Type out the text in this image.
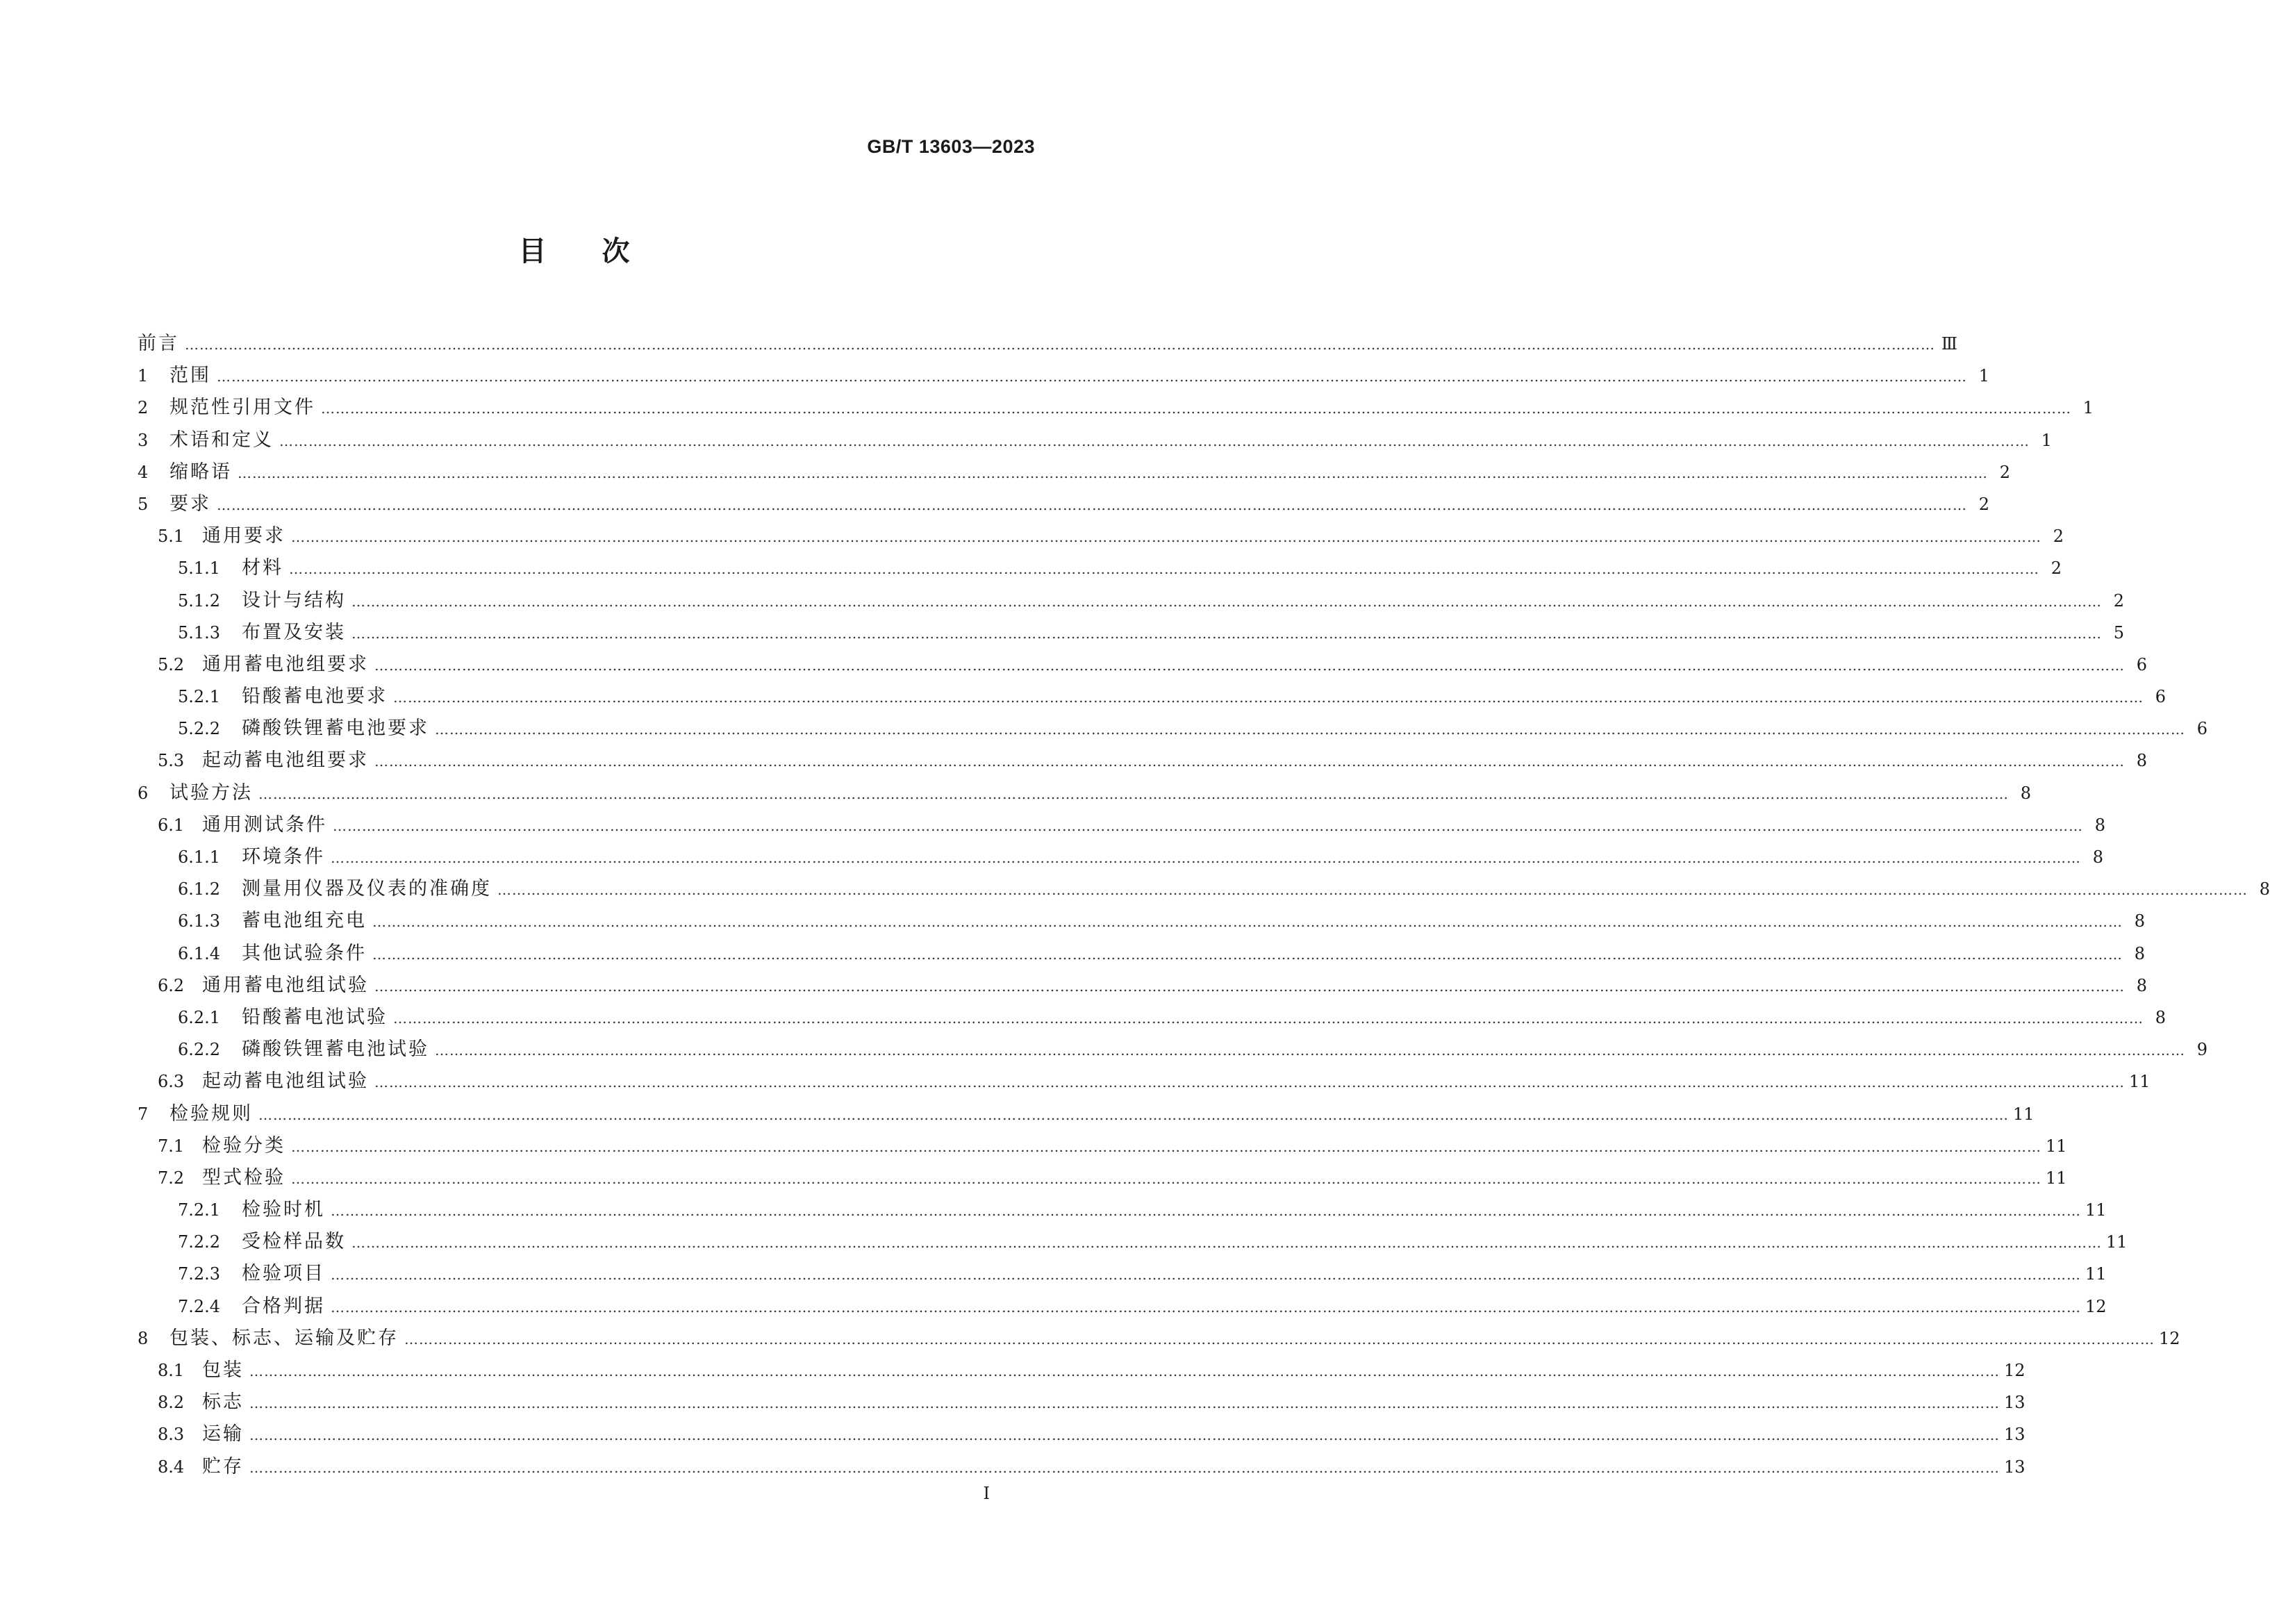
GB/T 13603—2023
目次
前言 ……………………………………………………………………………………………………………………………………………………………………………………………………………………………………………………………………………………………………………………………… Ⅲ
1	范围 ……………………………………………………………………………………………………………………………………………………………………………………………………………………………………………………………………………………………………………………………… 1
2	规范性引用文件 ……………………………………………………………………………………………………………………………………………………………………………………………………………………………………………………………………………………………………………………………… 1
3	术语和定义 ……………………………………………………………………………………………………………………………………………………………………………………………………………………………………………………………………………………………………………………………… 1
4	缩略语 ……………………………………………………………………………………………………………………………………………………………………………………………………………………………………………………………………………………………………………………………… 2
5	要求 ……………………………………………………………………………………………………………………………………………………………………………………………………………………………………………………………………………………………………………………………… 2
5.1 通用要求 ……………………………………………………………………………………………………………………………………………………………………………………………………………………………………………………………………………………………………………………………… 2
5.1.1	材料 ……………………………………………………………………………………………………………………………………………………………………………………………………………………………………………………………………………………………………………………………… 2
5.1.2	设计与结构 ……………………………………………………………………………………………………………………………………………………………………………………………………………………………………………………………………………………………………………………………… 2
5.1.3	布置及安装 ……………………………………………………………………………………………………………………………………………………………………………………………………………………………………………………………………………………………………………………………… 5
5.2 通用蓄电池组要求 ……………………………………………………………………………………………………………………………………………………………………………………………………………………………………………………………………………………………………………………………… 6
5.2.1	铅酸蓄电池要求 ……………………………………………………………………………………………………………………………………………………………………………………………………………………………………………………………………………………………………………………………… 6
5.2.2	磷酸铁锂蓄电池要求 ……………………………………………………………………………………………………………………………………………………………………………………………………………………………………………………………………………………………………………………………… 6
5.3 起动蓄电池组要求 ……………………………………………………………………………………………………………………………………………………………………………………………………………………………………………………………………………………………………………………………… 8
6	试验方法 ……………………………………………………………………………………………………………………………………………………………………………………………………………………………………………………………………………………………………………………………… 8
6.1 通用测试条件 ……………………………………………………………………………………………………………………………………………………………………………………………………………………………………………………………………………………………………………………………… 8
6.1.1	环境条件 ……………………………………………………………………………………………………………………………………………………………………………………………………………………………………………………………………………………………………………………………… 8
6.1.2	测量用仪器及仪表的准确度 ……………………………………………………………………………………………………………………………………………………………………………………………………………………………………………………………………………………………………………………………… 8
6.1.3	蓄电池组充电 ……………………………………………………………………………………………………………………………………………………………………………………………………………………………………………………………………………………………………………………………… 8
6.1.4	其他试验条件 ……………………………………………………………………………………………………………………………………………………………………………………………………………………………………………………………………………………………………………………………… 8
6.2 通用蓄电池组试验 ……………………………………………………………………………………………………………………………………………………………………………………………………………………………………………………………………………………………………………………………… 8
6.2.1	铅酸蓄电池试验 ……………………………………………………………………………………………………………………………………………………………………………………………………………………………………………………………………………………………………………………………… 8
6.2.2	磷酸铁锂蓄电池试验 ……………………………………………………………………………………………………………………………………………………………………………………………………………………………………………………………………………………………………………………………… 9
6.3 起动蓄电池组试验 ……………………………………………………………………………………………………………………………………………………………………………………………………………………………………………………………………………………………………………………………… 11
7	检验规则 ……………………………………………………………………………………………………………………………………………………………………………………………………………………………………………………………………………………………………………………………… 11
7.1 检验分类 ……………………………………………………………………………………………………………………………………………………………………………………………………………………………………………………………………………………………………………………………… 11
7.2 型式检验 ……………………………………………………………………………………………………………………………………………………………………………………………………………………………………………………………………………………………………………………………… 11
7.2.1	检验时机 ……………………………………………………………………………………………………………………………………………………………………………………………………………………………………………………………………………………………………………………………… 11
7.2.2	受检样品数 ……………………………………………………………………………………………………………………………………………………………………………………………………………………………………………………………………………………………………………………………… 11
7.2.3	检验项目 ……………………………………………………………………………………………………………………………………………………………………………………………………………………………………………………………………………………………………………………………… 11
7.2.4	合格判据 ……………………………………………………………………………………………………………………………………………………………………………………………………………………………………………………………………………………………………………………………… 12
8	包装、标志、运输及贮存 ……………………………………………………………………………………………………………………………………………………………………………………………………………………………………………………………………………………………………………………………… 12
8.1 包装 ……………………………………………………………………………………………………………………………………………………………………………………………………………………………………………………………………………………………………………………………… 12
8.2 标志 ……………………………………………………………………………………………………………………………………………………………………………………………………………………………………………………………………………………………………………………………… 13
8.3 运输 ……………………………………………………………………………………………………………………………………………………………………………………………………………………………………………………………………………………………………………………………… 13
8.4 贮存 ……………………………………………………………………………………………………………………………………………………………………………………………………………………………………………………………………………………………………………………………… 13
I
